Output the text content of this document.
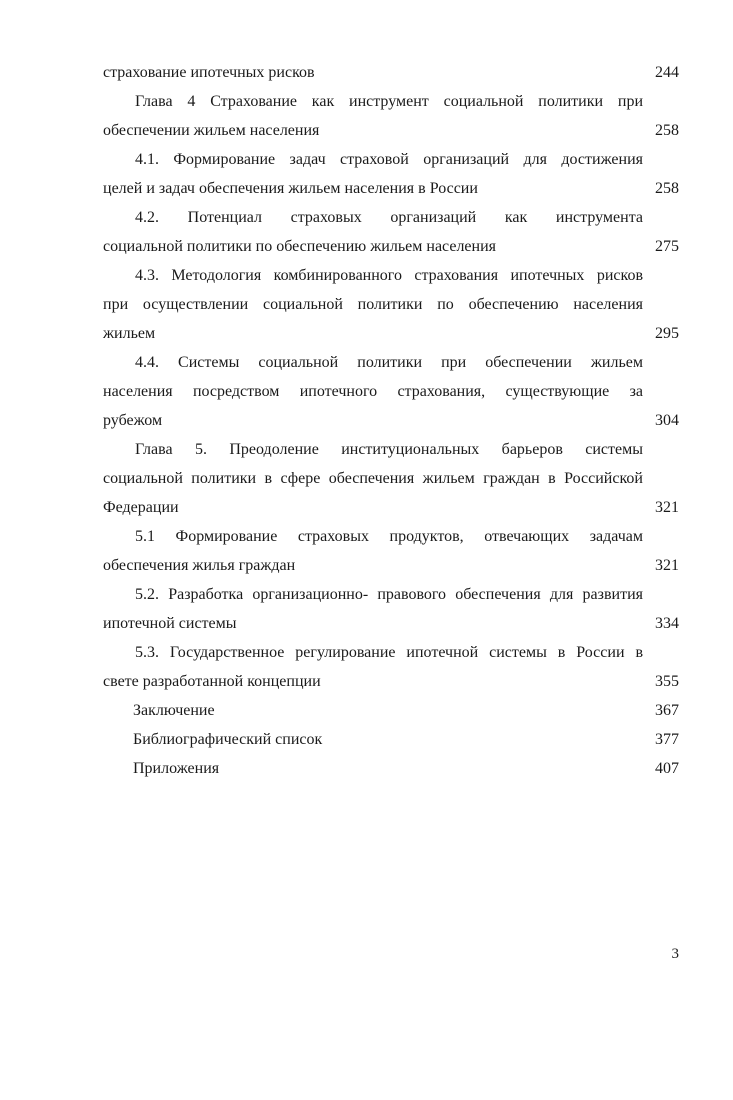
страхование ипотечных рисков	244
Глава 4 Страхование как инструмент социальной политики при
обеспечении жильем населения	258
4.1. Формирование задач страховой организаций для достижения
целей и задач обеспечения жильем населения в России	258
4.2. Потенциал страховых организаций как инструмента
социальной политики по обеспечению жильем населения	275
4.3. Методология комбинированного страхования ипотечных рисков
при осуществлении социальной политики по обеспечению населения
жильем	295
4.4. Системы социальной политики при обеспечении жильем
населения посредством ипотечного страхования, существующие за
рубежом	304
Глава 5. Преодоление институциональных барьеров системы
социальной политики в сфере обеспечения жильем граждан в Российской
Федерации	321
5.1 Формирование страховых продуктов, отвечающих задачам
обеспечения жилья граждан	321
5.2. Разработка организационно- правового обеспечения для развития
ипотечной системы	334
5.3. Государственное регулирование ипотечной системы в России в
свете разработанной концепции	355
Заключение	367
Библиографический список	377
Приложения	407
3
